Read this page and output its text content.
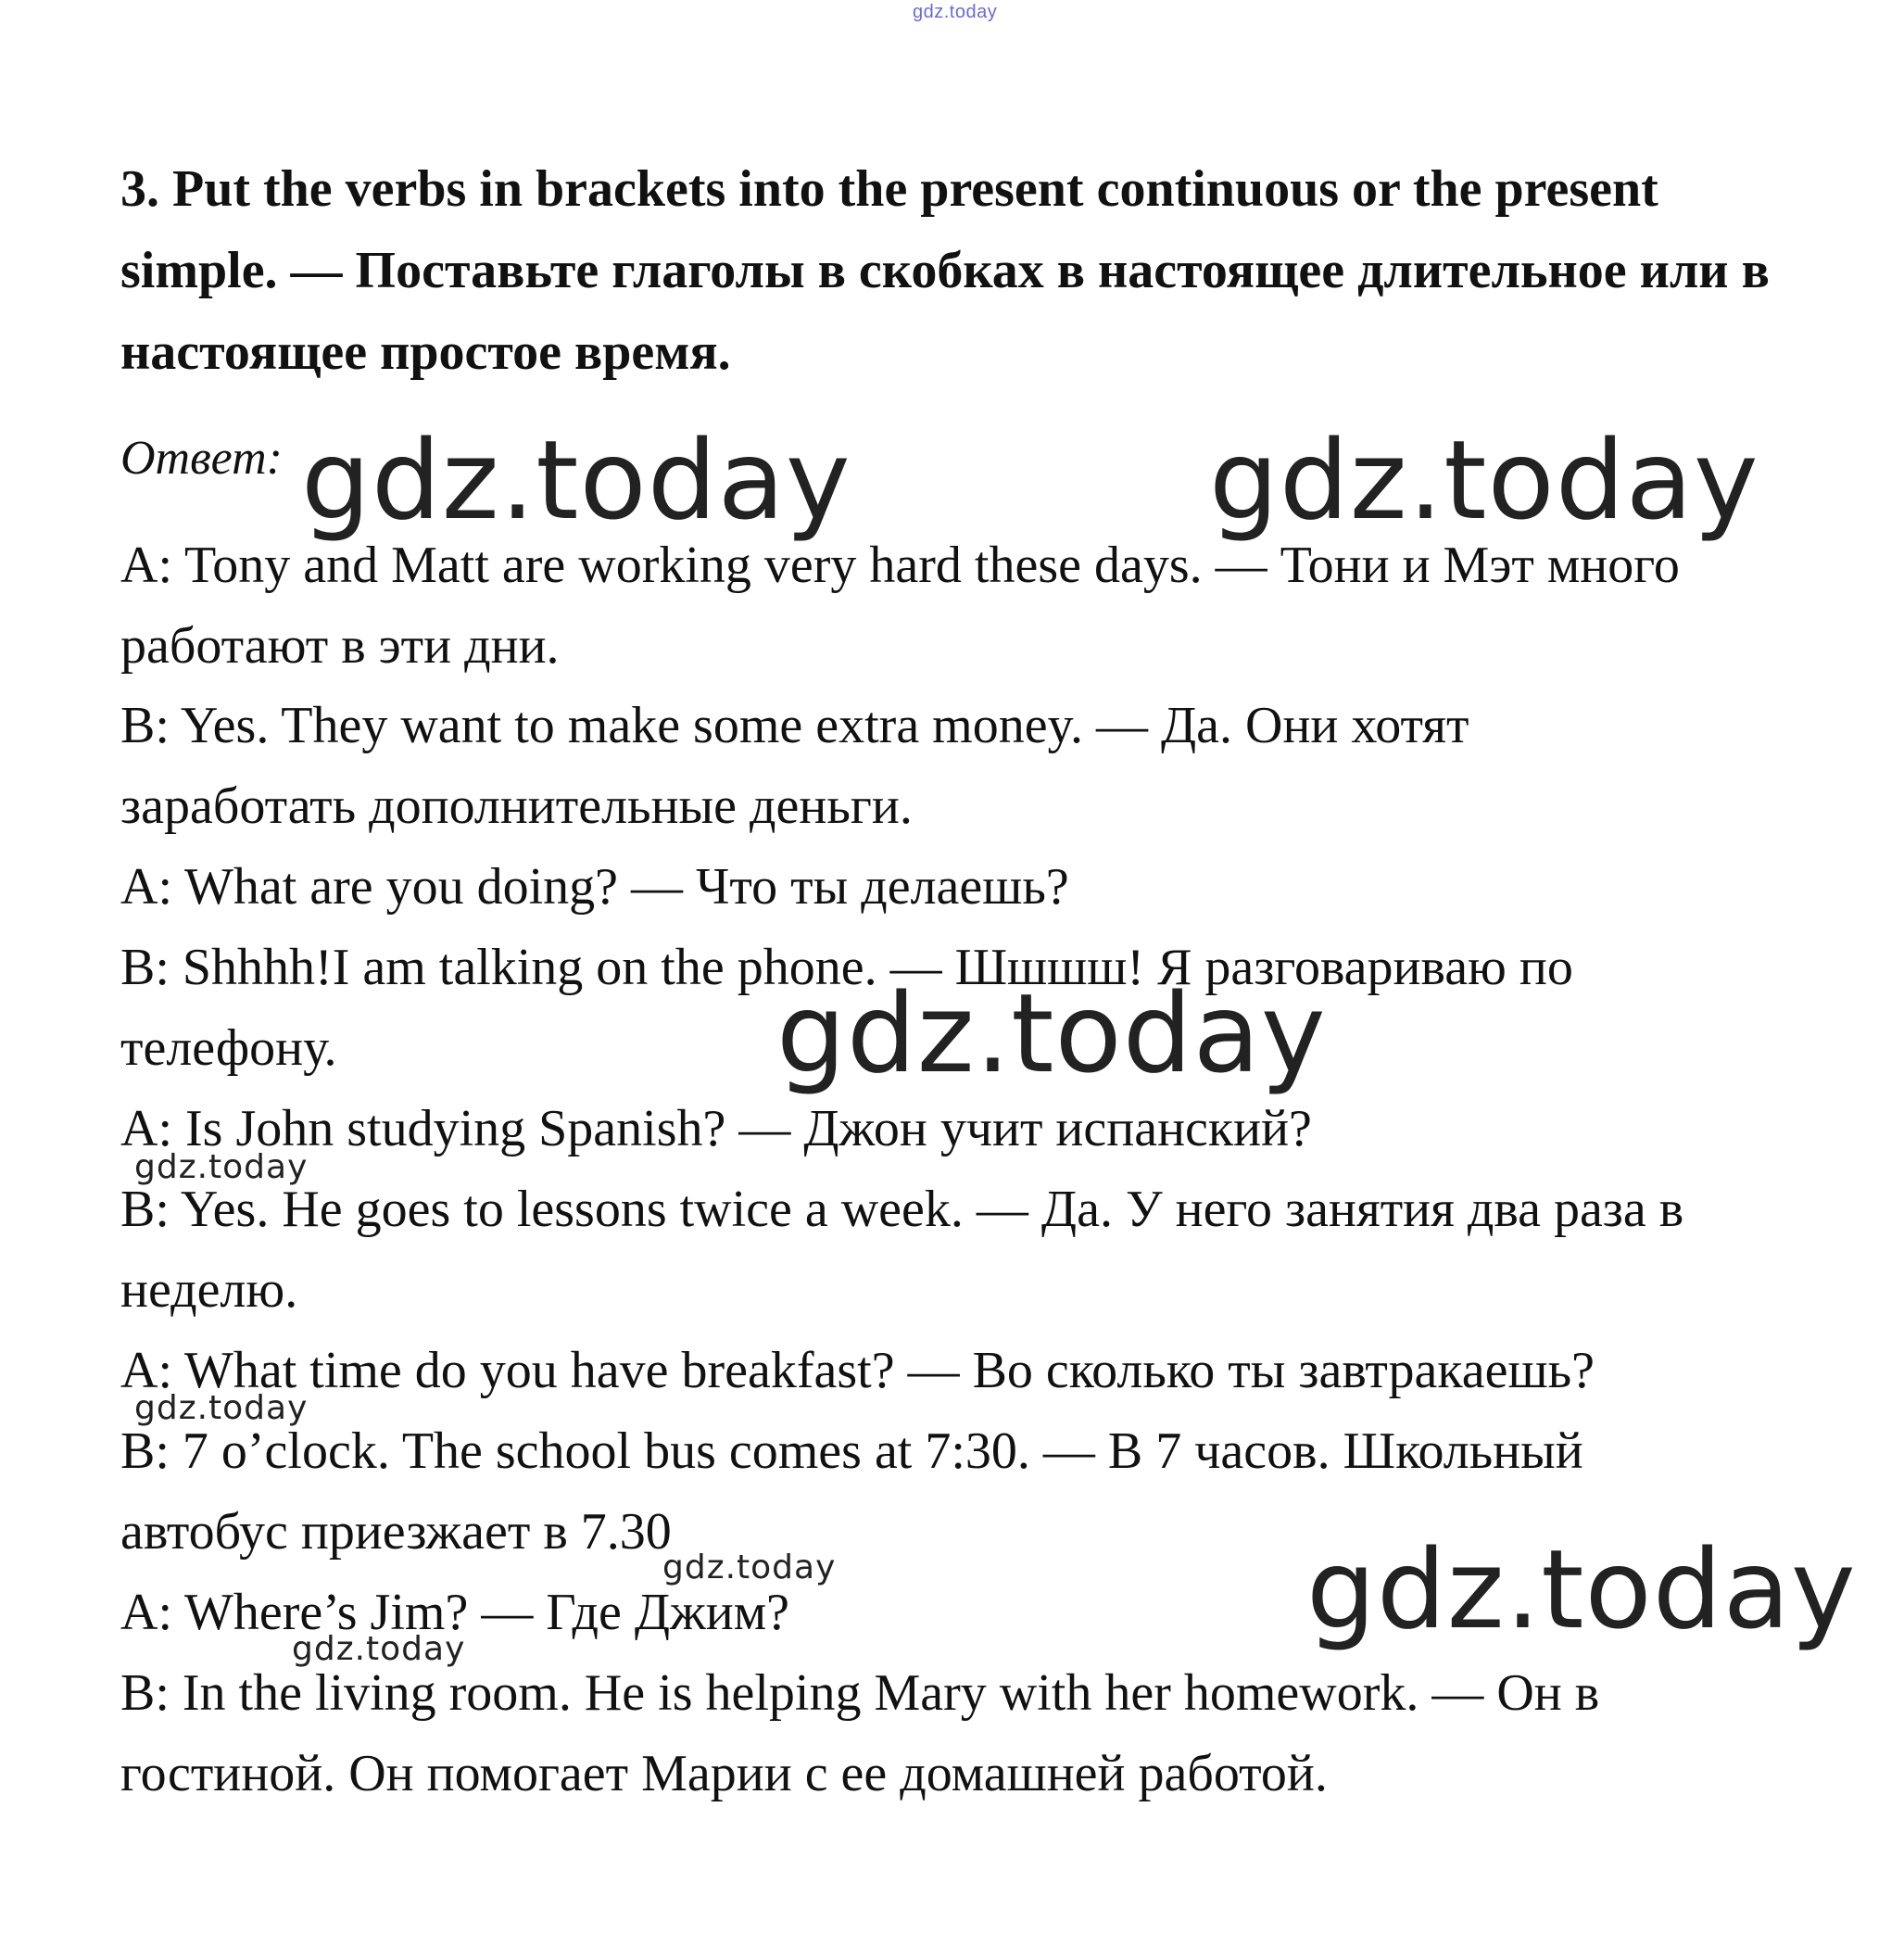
gdz.today
3. Put the verbs in brackets into the present continuous or the present simple. — Поставьте глаголы в скобках в настоящее длительное или в настоящее простое время.
Ответ:
A: Tony and Matt are working very hard these days. — Тони и Мэт много
работают в эти дни.
B: Yes. They want to make some extra money. — Да. Они хотят
заработать дополнительные деньги.
A: What are you doing? — Что ты делаешь?
B: Shhhh!I am talking on the phone. — Шшшш! Я разговариваю по
телефону.
A: Is John studying Spanish? — Джон учит испанский?
B: Yes. He goes to lessons twice a week. — Да. У него занятия два раза в
неделю.
A: What time do you have breakfast? — Во сколько ты завтракаешь?
B: 7 o’clock. The school bus comes at 7:30. — В 7 часов. Школьный
автобус приезжает в 7.30
A: Where’s Jim? — Где Джим?
B: In the living room. He is helping Mary with her homework. — Он в
гостиной. Он помогает Марии с ее домашней работой.
gdz.today	gdz.today
gdz.today
gdz.today
gdz.today
gdz.today	gdz.today
gdz.today
